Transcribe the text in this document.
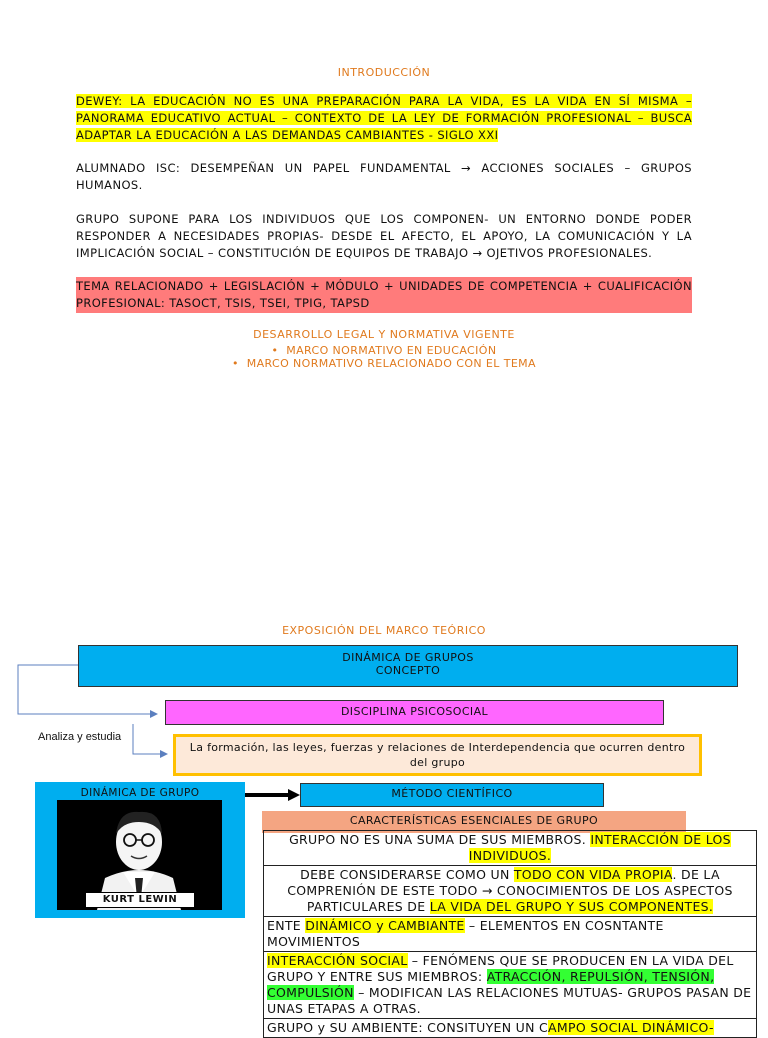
INTRODUCCIÓN
DEWEY: LA EDUCACIÓN NO ES UNA PREPARACIÓN PARA LA VIDA, ES LA VIDA EN SÍ MISMA – PANORAMA EDUCATIVO ACTUAL – CONTEXTO DE LA LEY DE FORMACIÓN PROFESIONAL – BUSCA ADAPTAR LA EDUCACIÓN A LAS DEMANDAS CAMBIANTES - SIGLO XXI
ALUMNADO ISC: DESEMPEÑAN UN PAPEL FUNDAMENTAL → ACCIONES SOCIALES – GRUPOS HUMANOS.
GRUPO SUPONE PARA LOS INDIVIDUOS QUE LOS COMPONEN- UN ENTORNO DONDE PODER RESPONDER A NECESIDADES PROPIAS- DESDE EL AFECTO, EL APOYO, LA COMUNICACIÓN Y LA IMPLICACIÓN SOCIAL – CONSTITUCIÓN DE EQUIPOS DE TRABAJO → OJETIVOS PROFESIONALES.
TEMA RELACIONADO + LEGISLACIÓN + MÓDULO + UNIDADES DE COMPETENCIA + CUALIFICACIÓN PROFESIONAL: TASOCT, TSIS, TSEI, TPIG, TAPSD
DESARROLLO LEGAL Y NORMATIVA VIGENTE
• MARCO NORMATIVO EN EDUCACIÓN
• MARCO NORMATIVO RELACIONADO CON EL TEMA
EXPOSICIÓN DEL MARCO TEÓRICO
DINÁMICA DE GRUPOS
CONCEPTO
DISCIPLINA PSICOSOCIAL
Analiza y estudia
La formación, las leyes, fuerzas y relaciones de Interdependencia que ocurren dentro del grupo
DINÁMICA DE GRUPO
KURT LEWIN
MÉTODO CIENTÍFICO
CARACTERÍSTICAS ESENCIALES DE GRUPO
GRUPO NO ES UNA SUMA DE SUS MIEMBROS. INTERACCIÓN DE LOS INDIVIDUOS.
DEBE CONSIDERARSE COMO UN TODO CON VIDA PROPIA. DE LA COMPRENIÓN DE ESTE TODO → CONOCIMIENTOS DE LOS ASPECTOS PARTICULARES DE LA VIDA DEL GRUPO Y SUS COMPONENTES.
ENTE DINÁMICO y CAMBIANTE – ELEMENTOS EN COSNTANTE MOVIMIENTOS
INTERACCIÓN SOCIAL – FENÓMENS QUE SE PRODUCEN EN LA VIDA DEL GRUPO Y ENTRE SUS MIEMBROS: ATRACCIÓN, REPULSIÓN, TENSIÓN, COMPULSIÓN – MODIFICAN LAS RELACIONES MUTUAS- GRUPOS PASAN DE UNAS ETAPAS A OTRAS.
GRUPO y SU AMBIENTE: CONSITUYEN UN CAMPO SOCIAL DINÁMICO-
